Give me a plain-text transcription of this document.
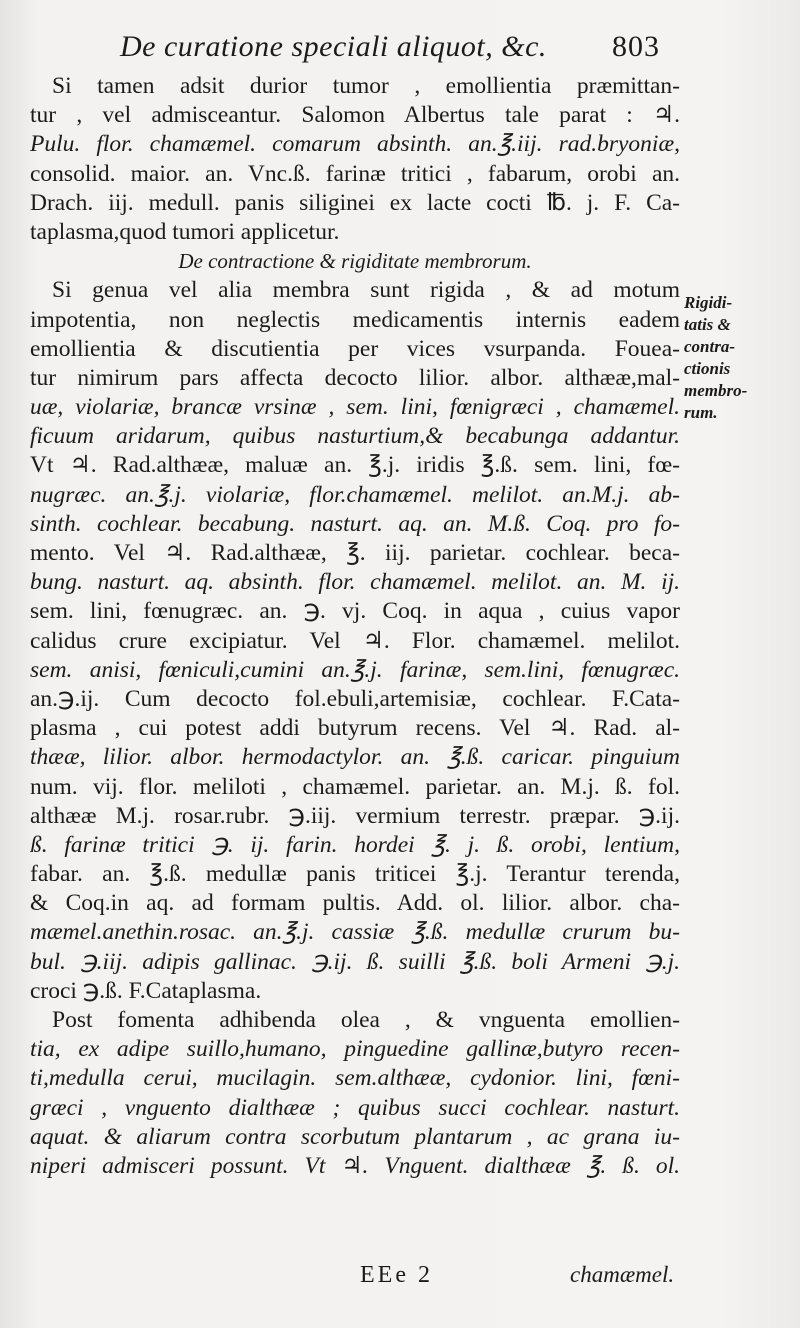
De curatione speciali aliquot, &c. 803
Si tamen adsit durior tumor , emollientia præmittan-
tur , vel admisceantur. Salomon Albertus tale parat : ♃.
Pulu. flor. chamæmel. comarum absinth. an.℥.iij. rad.bryoniæ,
consolid. maior. an. Vnc.ß. farinæ tritici , fabarum, orobi an.
Drach. iij. medull. panis siliginei ex lacte cocti ℔. j. F. Ca-
taplasma,quod tumori applicetur.
De contractione & rigiditate membrorum.
Si genua vel alia membra sunt rigida , & ad motum
impotentia, non neglectis medicamentis internis eadem
emollientia & discutientia per vices vsurpanda. Fouea-
tur nimirum pars affecta decocto lilior. albor. althææ,mal-
uæ, violariæ, brancæ vrsinæ , sem. lini, fœnigræci , chamæmel.
ficuum aridarum, quibus nasturtium,& becabunga addantur.
Vt ♃. Rad.althææ, maluæ an. ℥.j. iridis ℥.ß. sem. lini, fœ-
nugræc. an.℥.j. violariæ, flor.chamæmel. melilot. an.M.j. ab-
sinth. cochlear. becabung. nasturt. aq. an. M.ß. Coq. pro fo-
mento. Vel ♃. Rad.althææ, ℥. iij. parietar. cochlear. beca-
bung. nasturt. aq. absinth. flor. chamæmel. melilot. an. M. ij.
sem. lini, fœnugræc. an. ℈. vj. Coq. in aqua , cuius vapor
calidus crure excipiatur. Vel ♃. Flor. chamæmel. melilot.
sem. anisi, fœniculi,cumini an.℥.j. farinæ, sem.lini, fœnugræc.
an.℈.ij. Cum decocto fol.ebuli,artemisiæ, cochlear. F.Cata-
plasma , cui potest addi butyrum recens. Vel ♃. Rad. al-
thææ, lilior. albor. hermodactylor. an. ℥.ß. caricar. pinguium
num. vij. flor. meliloti , chamæmel. parietar. an. M.j. ß. fol.
althææ M.j. rosar.rubr. ℈.iij. vermium terrestr. præpar. ℈.ij.
ß. farinæ tritici ℈. ij. farin. hordei ℥. j. ß. orobi, lentium,
fabar. an. ℥.ß. medullæ panis triticei ℥.j. Terantur terenda,
& Coq.in aq. ad formam pultis. Add. ol. lilior. albor. cha-
mæmel.anethin.rosac. an.℥.j. cassiæ ℥.ß. medullæ crurum bu-
bul. ℈.iij. adipis gallinac. ℈.ij. ß. suilli ℥.ß. boli Armeni ℈.j.
croci ℈.ß. F.Cataplasma.
Post fomenta adhibenda olea , & vnguenta emollien-
tia, ex adipe suillo,humano, pinguedine gallinæ,butyro recen-
ti,medulla cerui, mucilagin. sem.althææ, cydonior. lini, fœni-
græci , vnguento dialthææ ; quibus succi cochlear. nasturt.
aquat. & aliarum contra scorbutum plantarum , ac grana iu-
niperi admisceri possunt. Vt ♃. Vnguent. dialthææ ℥. ß. ol.
Rigidi-
tatis &
contra-
ctionis
membro-
rum.
EEe 2	chamæmel.
